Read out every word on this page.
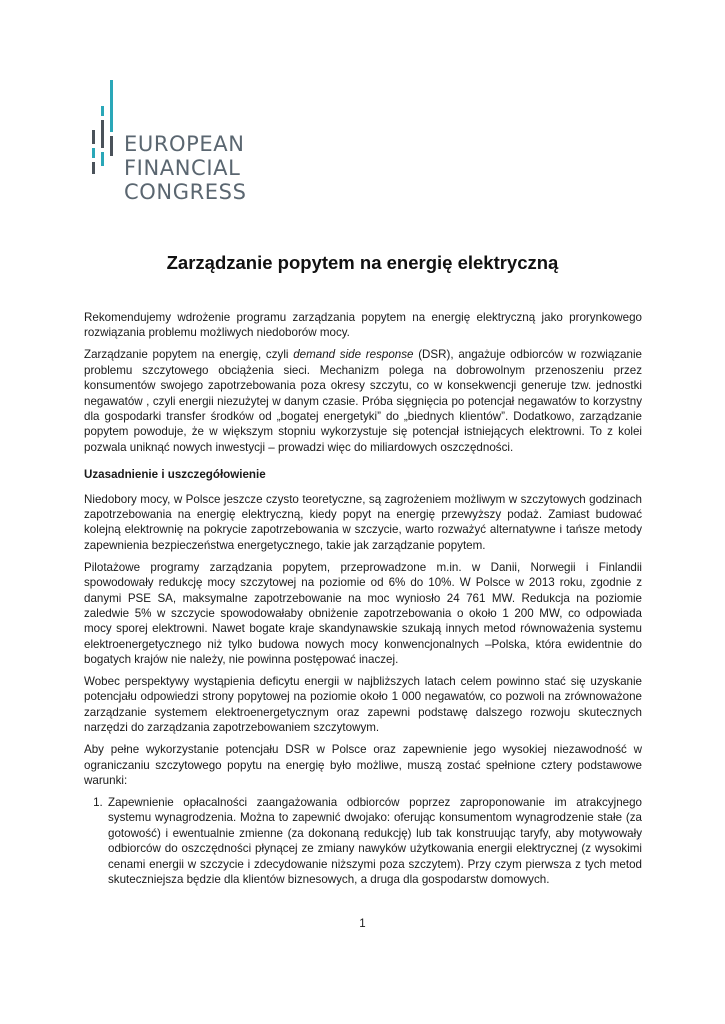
EUROPEAN
FINANCIAL
CONGRESS
Zarządzanie popytem na energię elektryczną

Rekomendujemy wdrożenie programu zarządzania popytem na energię elektryczną jako prorynkowego rozwiązania problemu możliwych niedoborów mocy.

Zarządzanie popytem na energię, czyli demand side response (DSR), angażuje odbiorców w rozwiązanie problemu szczytowego obciążenia sieci. Mechanizm polega na dobrowolnym przenoszeniu przez konsumentów swojego zapotrzebowania poza okresy szczytu, co w konsekwencji generuje tzw. jednostki negawatów , czyli energii niezużytej w danym czasie. Próba sięgnięcia po potencjał negawatów to korzystny dla gospodarki transfer środków od „bogatej energetyki” do „biednych klientów”. Dodatkowo, zarządzanie popytem powoduje, że w większym stopniu wykorzystuje się potencjał istniejących elektrowni. To z kolei pozwala uniknąć nowych inwestycji – prowadzi więc do miliardowych oszczędności.

Uzasadnienie i uszczegółowienie

Niedobory mocy, w Polsce jeszcze czysto teoretyczne, są zagrożeniem możliwym w szczytowych godzinach zapotrzebowania na energię elektryczną, kiedy popyt na energię przewyższy podaż. Zamiast budować kolejną elektrownię na pokrycie zapotrzebowania w szczycie, warto rozważyć alternatywne i tańsze metody zapewnienia bezpieczeństwa energetycznego, takie jak zarządzanie popytem.

Pilotażowe programy zarządzania popytem, przeprowadzone m.in. w Danii, Norwegii i Finlandii spowodowały redukcję mocy szczytowej na poziomie od 6% do 10%. W Polsce w 2013 roku, zgodnie z danymi PSE SA, maksymalne zapotrzebowanie na moc wyniosło 24 761 MW. Redukcja na poziomie zaledwie 5% w szczycie spowodowałaby obniżenie zapotrzebowania o około 1 200 MW, co odpowiada mocy sporej elektrowni. Nawet bogate kraje skandynawskie szukają innych metod równoważenia systemu elektroenergetycznego niż tylko budowa nowych mocy konwencjonalnych –Polska, która ewidentnie do bogatych krajów nie należy, nie powinna postępować inaczej.

Wobec perspektywy wystąpienia deficytu energii w najbliższych latach celem powinno stać się uzyskanie potencjału odpowiedzi strony popytowej na poziomie około 1 000 negawatów, co pozwoli na zrównoważone zarządzanie systemem elektroenergetycznym oraz zapewni podstawę dalszego rozwoju skutecznych narzędzi do zarządzania zapotrzebowaniem szczytowym.

Aby pełne wykorzystanie potencjału DSR w Polsce oraz zapewnienie jego wysokiej niezawodność w ograniczaniu szczytowego popytu na energię było możliwe, muszą zostać spełnione cztery podstawowe warunki:

1. Zapewnienie opłacalności zaangażowania odbiorców poprzez zaproponowanie im atrakcyjnego systemu wynagrodzenia. Można to zapewnić dwojako: oferując konsumentom wynagrodzenie stałe (za gotowość) i ewentualnie zmienne (za dokonaną redukcję) lub tak konstruując taryfy, aby motywowały odbiorców do oszczędności płynącej ze zmiany nawyków użytkowania energii elektrycznej (z wysokimi cenami energii w szczycie i zdecydowanie niższymi poza szczytem). Przy czym pierwsza z tych metod skuteczniejsza będzie dla klientów biznesowych, a druga dla gospodarstw domowych.
1
